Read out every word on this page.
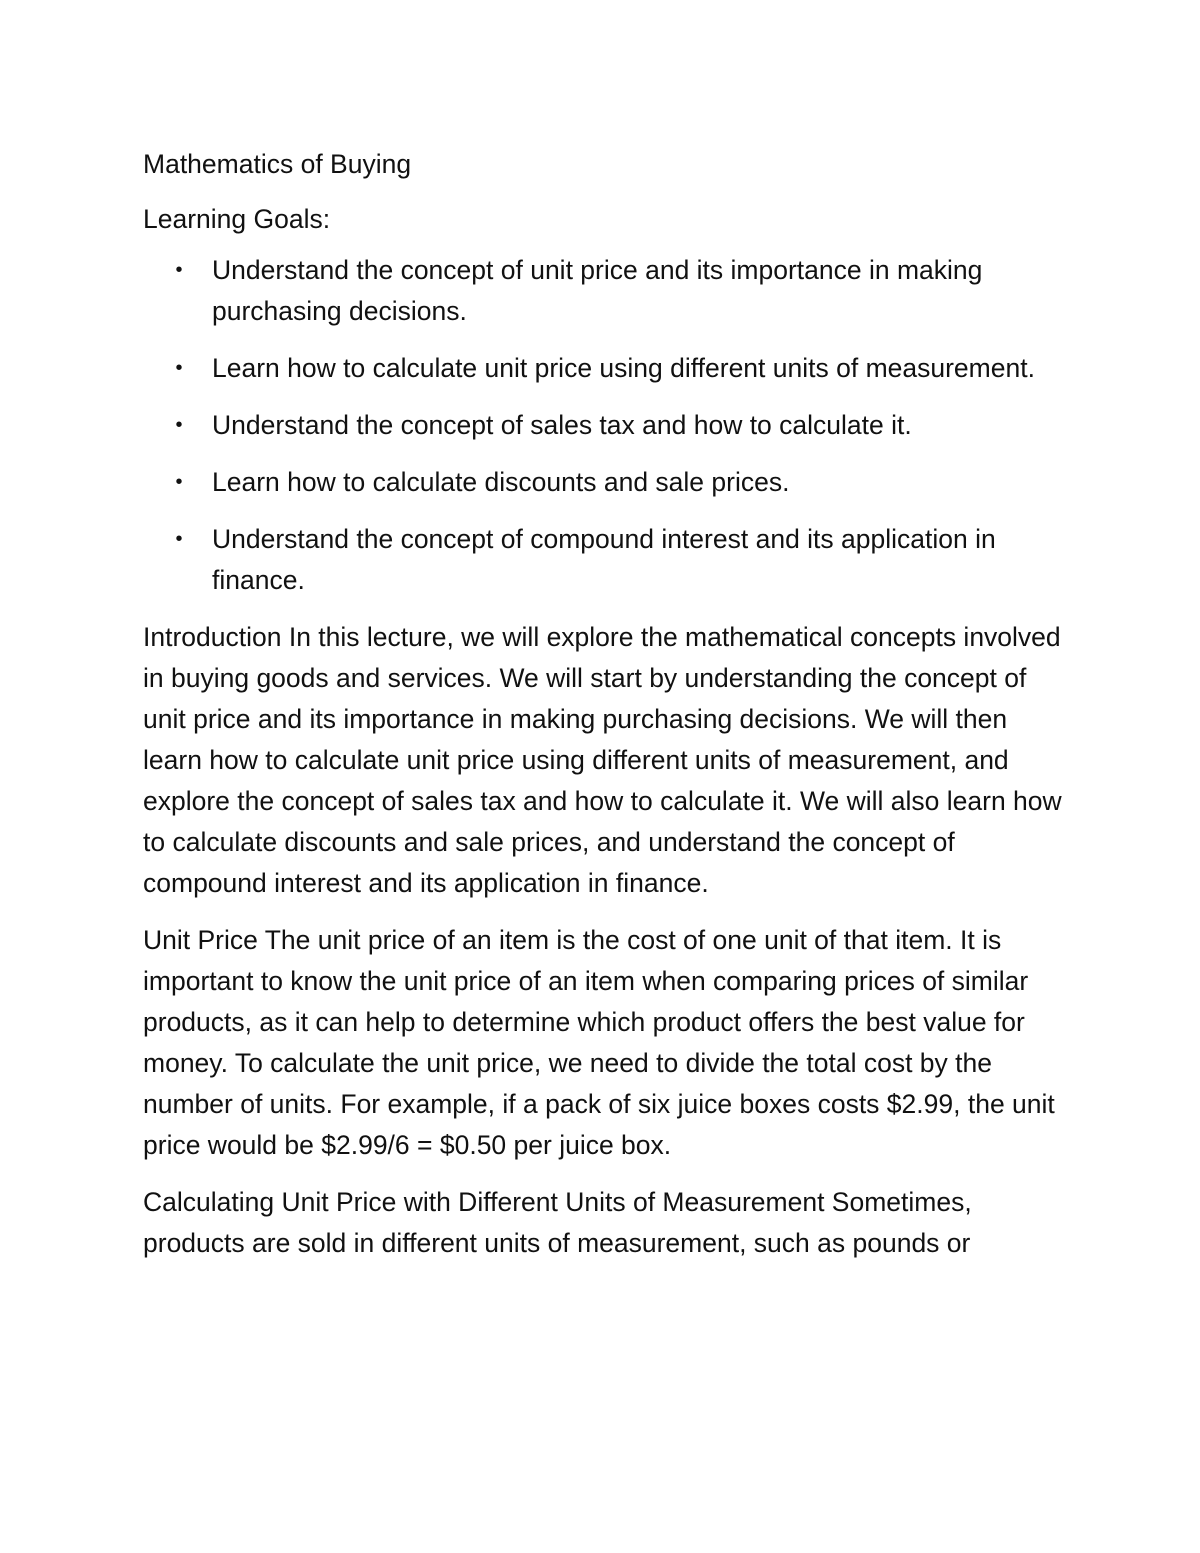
Mathematics of Buying

Learning Goals:

• Understand the concept of unit price and its importance in making purchasing decisions.
• Learn how to calculate unit price using different units of measurement.
• Understand the concept of sales tax and how to calculate it.
• Learn how to calculate discounts and sale prices.
• Understand the concept of compound interest and its application in finance.

Introduction In this lecture, we will explore the mathematical concepts involved in buying goods and services. We will start by understanding the concept of unit price and its importance in making purchasing decisions. We will then learn how to calculate unit price using different units of measurement, and explore the concept of sales tax and how to calculate it. We will also learn how to calculate discounts and sale prices, and understand the concept of compound interest and its application in finance.

Unit Price The unit price of an item is the cost of one unit of that item. It is important to know the unit price of an item when comparing prices of similar products, as it can help to determine which product offers the best value for money. To calculate the unit price, we need to divide the total cost by the number of units. For example, if a pack of six juice boxes costs $2.99, the unit price would be $2.99/6 = $0.50 per juice box.

Calculating Unit Price with Different Units of Measurement Sometimes, products are sold in different units of measurement, such as pounds or
